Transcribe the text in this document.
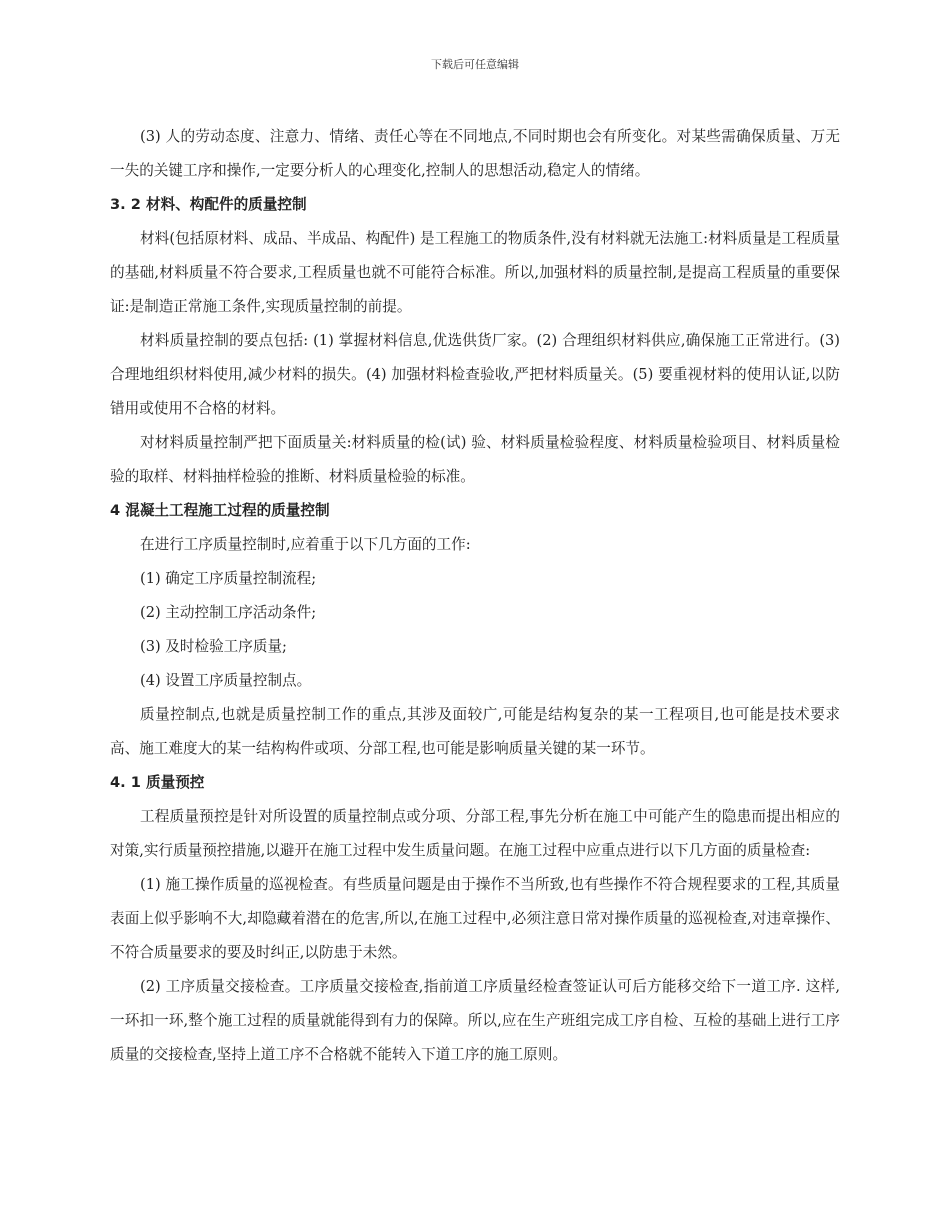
下载后可任意编辑

(3) 人的劳动态度、注意力、情绪、责任心等在不同地点,不同时期也会有所变化。对某些需确保质量、万无一失的关键工序和操作,一定要分析人的心理变化,控制人的思想活动,稳定人的情绪。

3. 2 材料、构配件的质量控制

材料(包括原材料、成品、半成品、构配件) 是工程施工的物质条件,没有材料就无法施工:材料质量是工程质量的基础,材料质量不符合要求,工程质量也就不可能符合标准。所以,加强材料的质量控制,是提高工程质量的重要保证:是制造正常施工条件,实现质量控制的前提。

材料质量控制的要点包括: (1) 掌握材料信息,优选供货厂家。(2) 合理组织材料供应,确保施工正常进行。(3) 合理地组织材料使用,减少材料的损失。(4) 加强材料检查验收,严把材料质量关。(5) 要重视材料的使用认证,以防错用或使用不合格的材料。

对材料质量控制严把下面质量关:材料质量的检(试) 验、材料质量检验程度、材料质量检验项目、材料质量检验的取样、材料抽样检验的推断、材料质量检验的标准。

4 混凝土工程施工过程的质量控制

在进行工序质量控制时,应着重于以下几方面的工作:

(1) 确定工序质量控制流程;

(2) 主动控制工序活动条件;

(3) 及时检验工序质量;

(4) 设置工序质量控制点。

质量控制点,也就是质量控制工作的重点,其涉及面较广,可能是结构复杂的某一工程项目,也可能是技术要求高、施工难度大的某一结构构件或项、分部工程,也可能是影响质量关键的某一环节。

4. 1 质量预控

工程质量预控是针对所设置的质量控制点或分项、分部工程,事先分析在施工中可能产生的隐患而提出相应的对策,实行质量预控措施,以避开在施工过程中发生质量问题。在施工过程中应重点进行以下几方面的质量检查:

(1) 施工操作质量的巡视检查。有些质量问题是由于操作不当所致,也有些操作不符合规程要求的工程,其质量表面上似乎影响不大,却隐藏着潜在的危害,所以,在施工过程中,必须注意日常对操作质量的巡视检查,对违章操作、不符合质量要求的要及时纠正,以防患于未然。

(2) 工序质量交接检查。工序质量交接检查,指前道工序质量经检查签证认可后方能移交给下一道工序. 这样,一环扣一环,整个施工过程的质量就能得到有力的保障。所以,应在生产班组完成工序自检、互检的基础上进行工序质量的交接检查,坚持上道工序不合格就不能转入下道工序的施工原则。
